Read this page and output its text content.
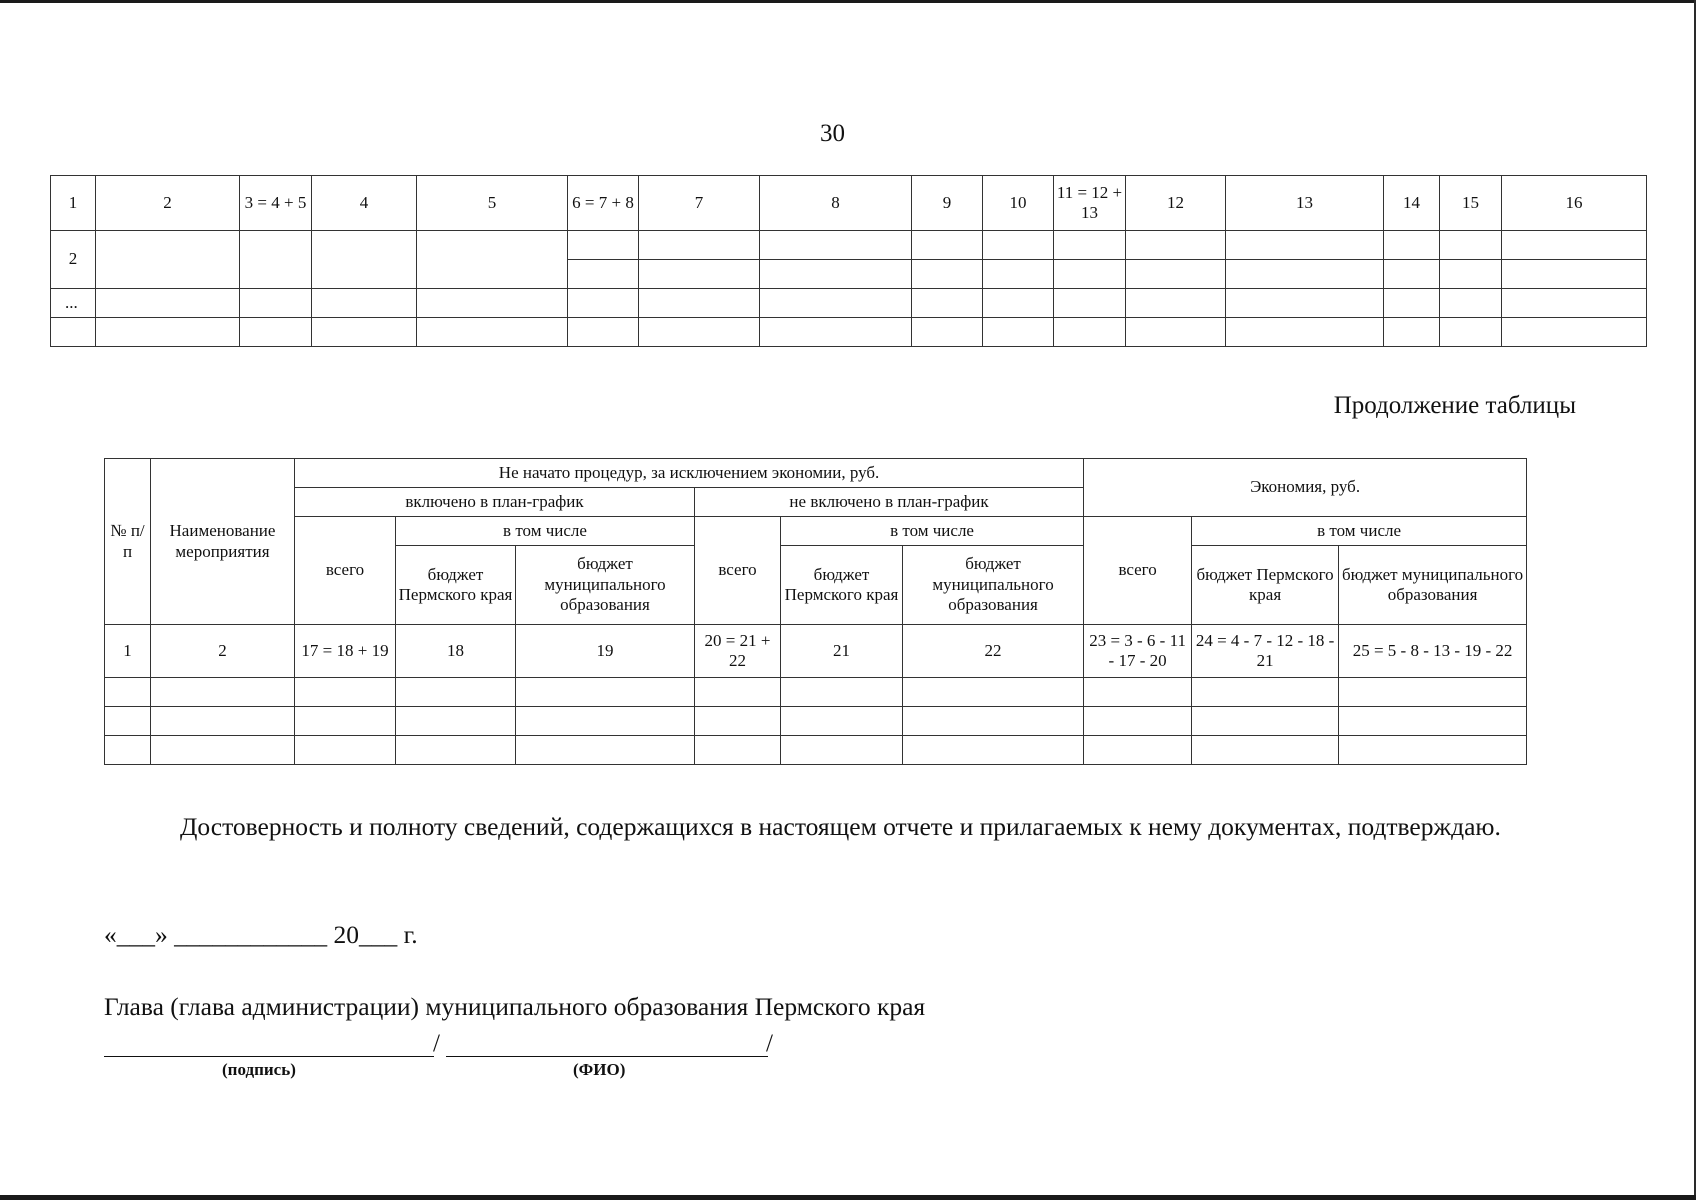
30
1	2	3 = 4 + 5	4	5	6 = 7 + 8	7	8	9	10	11 = 12 + 13	12	13	14	15	16
2															

...															

Продолжение таблицы
№ п/п	Наименование мероприятия	Не начато процедур, за исключением экономии, руб.						Экономия, руб.		
		включено в план-график			не включено в план-график					
		всего	в том числе		всего	в том числе		всего	в том числе	
			бюджет Пермского края	бюджет муниципального образования		бюджет Пермского края	бюджет муниципального образования		бюджет Пермского края	бюджет муниципального образования
1	2	17 = 18 + 19	18	19	20 = 21 + 22	21	22	23 = 3 - 6 - 11 - 17 - 20	24 = 4 - 7 - 12 - 18 - 21	25 = 5 - 8 - 13 - 19 - 22

Достоверность и полноту сведений, содержащихся в настоящем отчете и прилагаемых к нему документах, подтверждаю.
«___» ____________ 20___ г.
Глава (глава администрации) муниципального образования Пермского края
/	/
(подпись)	(ФИО)
